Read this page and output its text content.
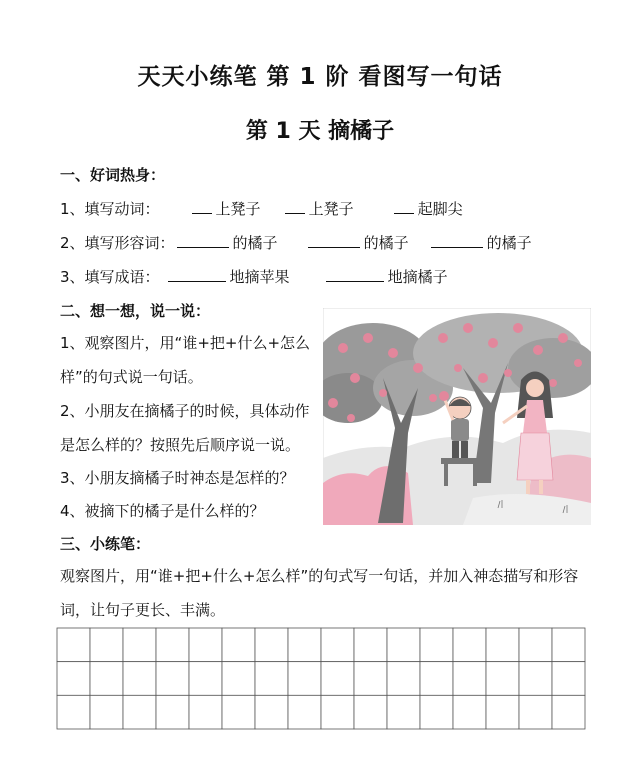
天天小练笔 第 1 阶 看图写一句话
第 1 天 摘橘子
一、好词热身：
1、填写动词：	上凳子	上凳子	起脚尖
2、填写形容词：	的橘子	的橘子	的橘子
3、填写成语：	地摘苹果	地摘橘子
二、想一想，说一说：
1、观察图片，用“谁+把+什么+怎么样”的句式说一句话。
2、小朋友在摘橘子的时候，具体动作是怎么样的？按照先后顺序说一说。
3、小朋友摘橘子时神态是怎样的？
4、被摘下的橘子是什么样的？
三、小练笔：
观察图片，用“谁+把+什么+怎么样”的句式写一句话，并加入神态描写和形容词，让句子更长、丰满。
